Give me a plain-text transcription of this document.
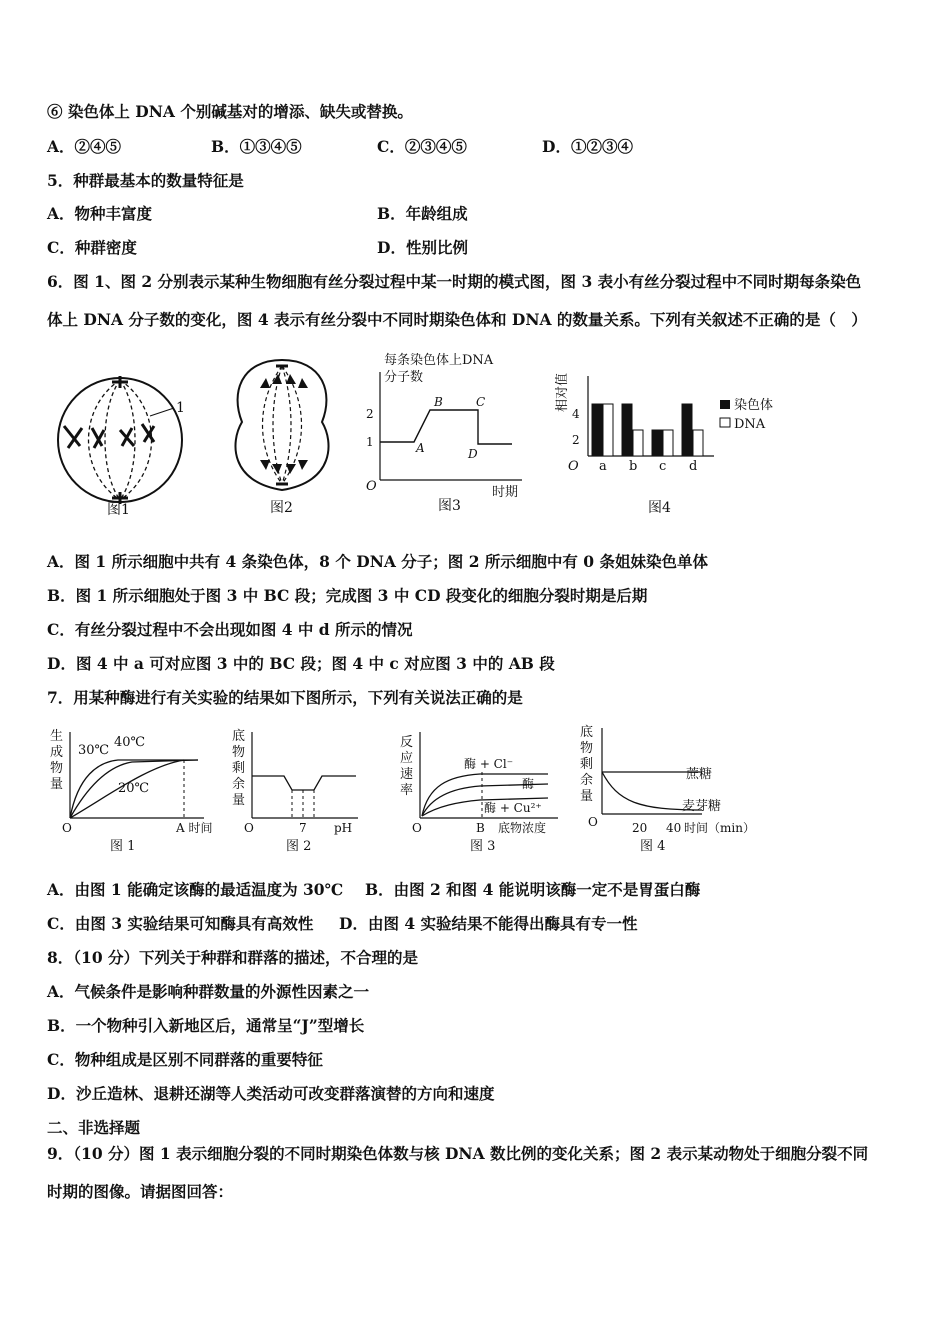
⑥ 染色体上 DNA 个别碱基对的增添、缺失或替换。
A．②④⑤	B．①③④⑤	C．②③④⑤	D．①②③④
5．种群最基本的数量特征是
A．物种丰富度	B．年龄组成
C．种群密度	D．性别比例
6．图 1、图 2 分别表示某种生物细胞有丝分裂过程中某一时期的模式图，图 3 表小有丝分裂过程中不同时期每条染色
体上 DNA 分子数的变化，图 4 表示有丝分裂中不同时期染色体和 DNA 的数量关系。下列有关叙述不正确的是（　）
1
图1	图2
每条染色体上DNA
分子数
2
1
O
A
B	C
D
时期
图3
相对值
4
2
O a b c d
染色体
DNA
图4
A．图 1 所示细胞中共有 4 条染色体，8 个 DNA 分子；图 2 所示细胞中有 0 条姐妹染色单体
B．图 1 所示细胞处于图 3 中 BC 段；完成图 3 中 CD 段变化的细胞分裂时期是后期
C．有丝分裂过程中不会出现如图 4 中 d 所示的情况
D．图 4 中 a 可对应图 3 中的 BC 段；图 4 中 c 对应图 3 中的 AB 段
7．用某种酶进行有关实验的结果如下图所示，下列有关说法正确的是
生
成
物
量
30℃
40℃
20℃
O	A 时间
图 1
底
物
剩
余
量
O	7 pH
图 2
反
应
速
率
酶 + Cl⁻
酶
酶 + Cu²⁺
O	B 底物浓度
图 3
底
物
剩
余
量
蔗糖
麦芽糖
O	20 40 时间（min）
图 4
A．由图 1 能确定该酶的最适温度为 30℃ B．由图 2 和图 4 能说明该酶一定不是胃蛋白酶
C．由图 3 实验结果可知酶具有高效性 D．由图 4 实验结果不能得出酶具有专一性
8．（10 分）下列关于种群和群落的描述，不合理的是
A．气候条件是影响种群数量的外源性因素之一
B．一个物种引入新地区后，通常呈“J”型增长
C．物种组成是区别不同群落的重要特征
D．沙丘造林、退耕还湖等人类活动可改变群落演替的方向和速度
二、非选择题
9．（10 分）图 1 表示细胞分裂的不同时期染色体数与核 DNA 数比例的变化关系；图 2 表示某动物处于细胞分裂不同
时期的图像。请据图回答：
